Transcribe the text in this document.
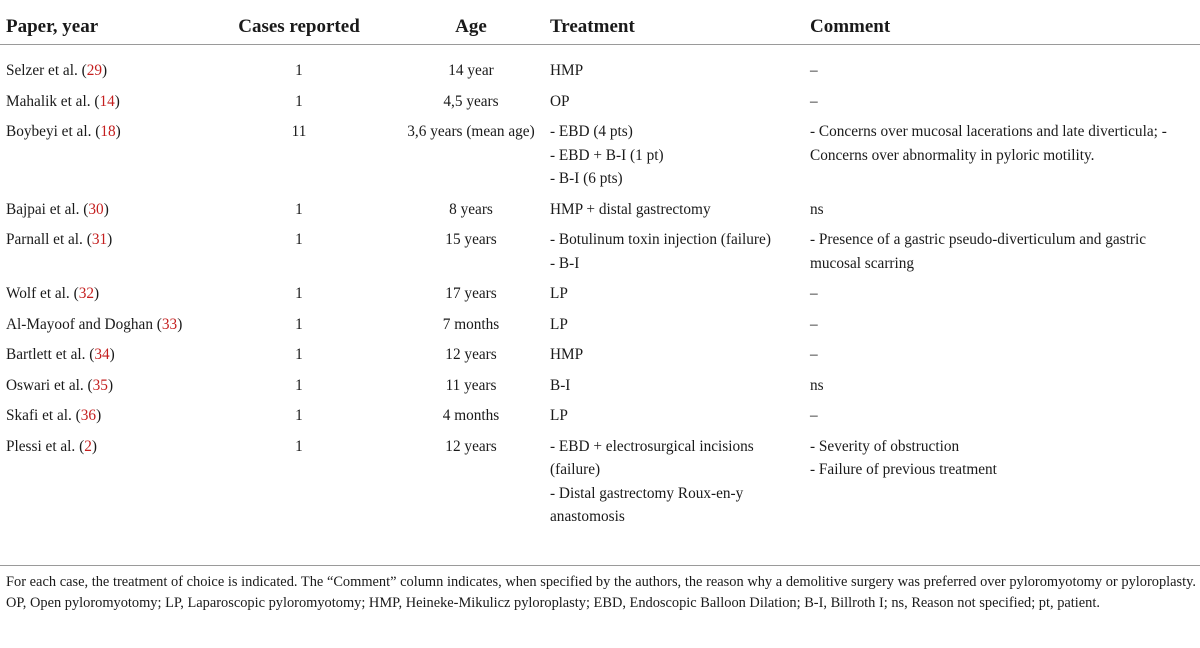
Paper, year	Cases reported	Age	Treatment	Comment
Selzer et al. (29)	1	14 year	HMP	–

Mahalik et al. (14)	1	4,5 years	OP	–

Boybeyi et al. (18)	11	3,6 years (mean age)	- EBD (4 pts)
- EBD + B-I (1 pt)
- B-I (6 pts)	- Concerns over mucosal lacerations and late diverticula; - Concerns over abnormality in pyloric motility.

Bajpai et al. (30)	1	8 years	HMP + distal gastrectomy	ns

Parnall et al. (31)	1	15 years	- Botulinum toxin injection (failure)
- B-I	- Presence of a gastric pseudo-diverticulum and gastric mucosal scarring

Wolf et al. (32)	1	17 years	LP	–

Al-Mayoof and Doghan (33)	1	7 months	LP	–

Bartlett et al. (34)	1	12 years	HMP	–

Oswari et al. (35)	1	11 years	B-I	ns

Skafi et al. (36)	1	4 months	LP	–

Plessi et al. (2)	1	12 years	- EBD + electrosurgical incisions (failure)
- Distal gastrectomy Roux-en-y anastomosis	- Severity of obstruction
- Failure of previous treatment
For each case, the treatment of choice is indicated. The “Comment” column indicates, when specified by the authors, the reason why a demolitive surgery was preferred over pyloromyotomy or pyloroplasty. OP, Open pyloromyotomy; LP, Laparoscopic pyloromyotomy; HMP, Heineke-Mikulicz pyloroplasty; EBD, Endoscopic Balloon Dilation; B-I, Billroth I; ns, Reason not specified; pt, patient.
